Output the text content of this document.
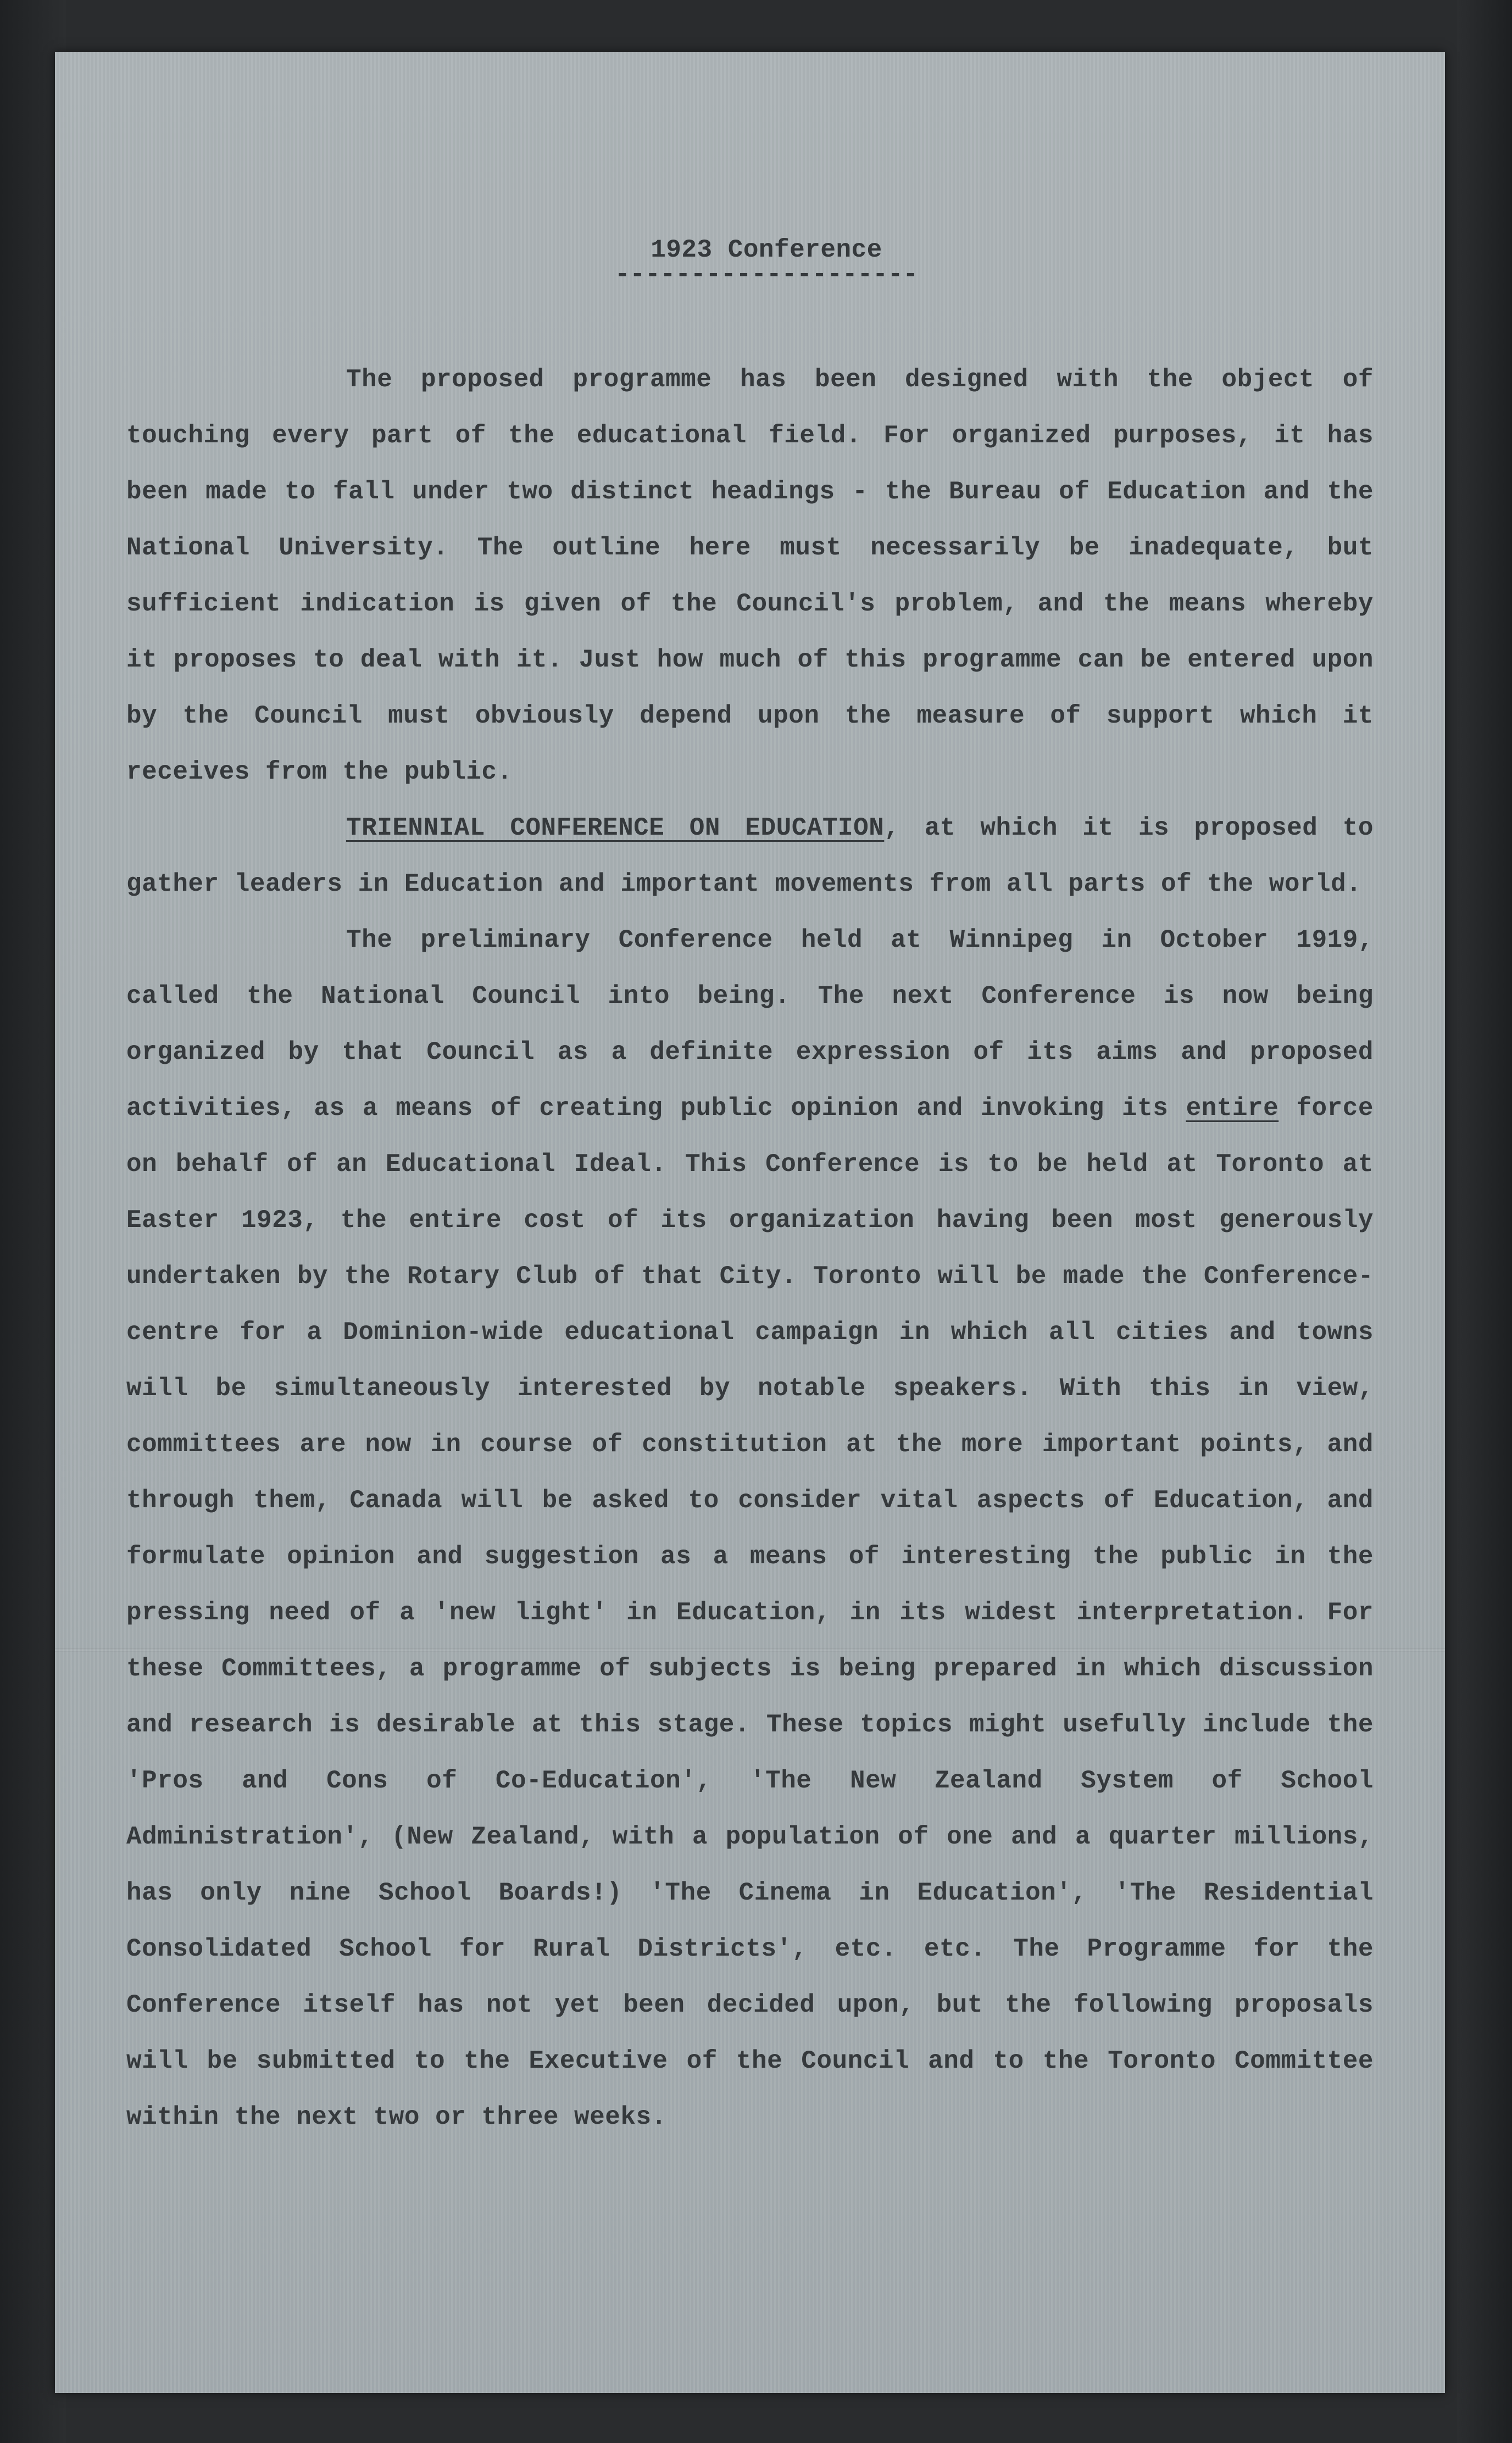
1923 Conference
--------------------

The proposed programme has been designed with the object of touching every part of the educational field. For organized purposes, it has been made to fall under two distinct headings - the Bureau of Education and the National University. The outline here must necessarily be inadequate, but sufficient indication is given of the Council's problem, and the means whereby it proposes to deal with it. Just how much of this programme can be entered upon by the Council must obviously depend upon the measure of support which it receives from the public.

TRIENNIAL CONFERENCE ON EDUCATION, at which it is proposed to gather leaders in Education and important movements from all parts of the world.

The preliminary Conference held at Winnipeg in October 1919, called the National Council into being. The next Conference is now being organized by that Council as a definite expression of its aims and proposed activities, as a means of creating public opinion and invoking its entire force on behalf of an Educational Ideal. This Conference is to be held at Toronto at Easter 1923, the entire cost of its organization having been most generously undertaken by the Rotary Club of that City. Toronto will be made the Conference-centre for a Dominion-wide educational campaign in which all cities and towns will be simultaneously interested by notable speakers. With this in view, committees are now in course of constitution at the more important points, and through them, Canada will be asked to consider vital aspects of Education, and formulate opinion and suggestion as a means of interesting the public in the pressing need of a 'new light' in Education, in its widest interpretation. For these Committees, a programme of subjects is being prepared in which discussion and research is desirable at this stage. These topics might usefully include the 'Pros and Cons of Co-Education', 'The New Zealand System of School Administration', (New Zealand, with a population of one and a quarter millions, has only nine School Boards!) 'The Cinema in Education', 'The Residential Consolidated School for Rural Districts', etc. etc. The Programme for the Conference itself has not yet been decided upon, but the following proposals will be submitted to the Executive of the Council and to the Toronto Committee within the next two or three weeks.
